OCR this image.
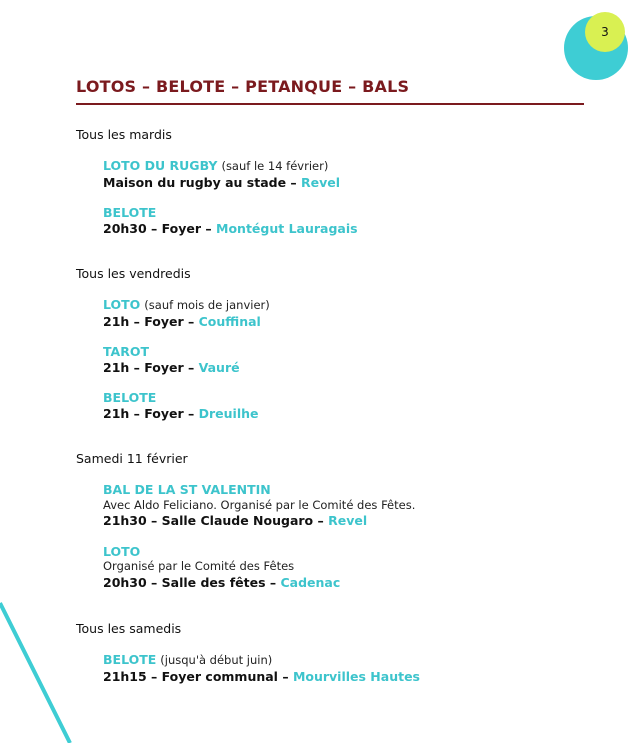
3
LOTOS – BELOTE – PETANQUE – BALS
Tous les mardis
LOTO DU RUGBY (sauf le 14 février)
Maison du rugby au stade – Revel
BELOTE
20h30 – Foyer – Montégut Lauragais
Tous les vendredis
LOTO (sauf mois de janvier)
21h – Foyer – Couffinal
TAROT
21h – Foyer – Vauré
BELOTE
21h – Foyer – Dreuilhe
Samedi 11 février
BAL DE LA ST VALENTIN
Avec Aldo Feliciano. Organisé par le Comité des Fêtes.
21h30 – Salle Claude Nougaro – Revel
LOTO
Organisé par le Comité des Fêtes
20h30 – Salle des fêtes – Cadenac
Tous les samedis
BELOTE (jusqu'à début juin)
21h15 – Foyer communal – Mourvilles Hautes
